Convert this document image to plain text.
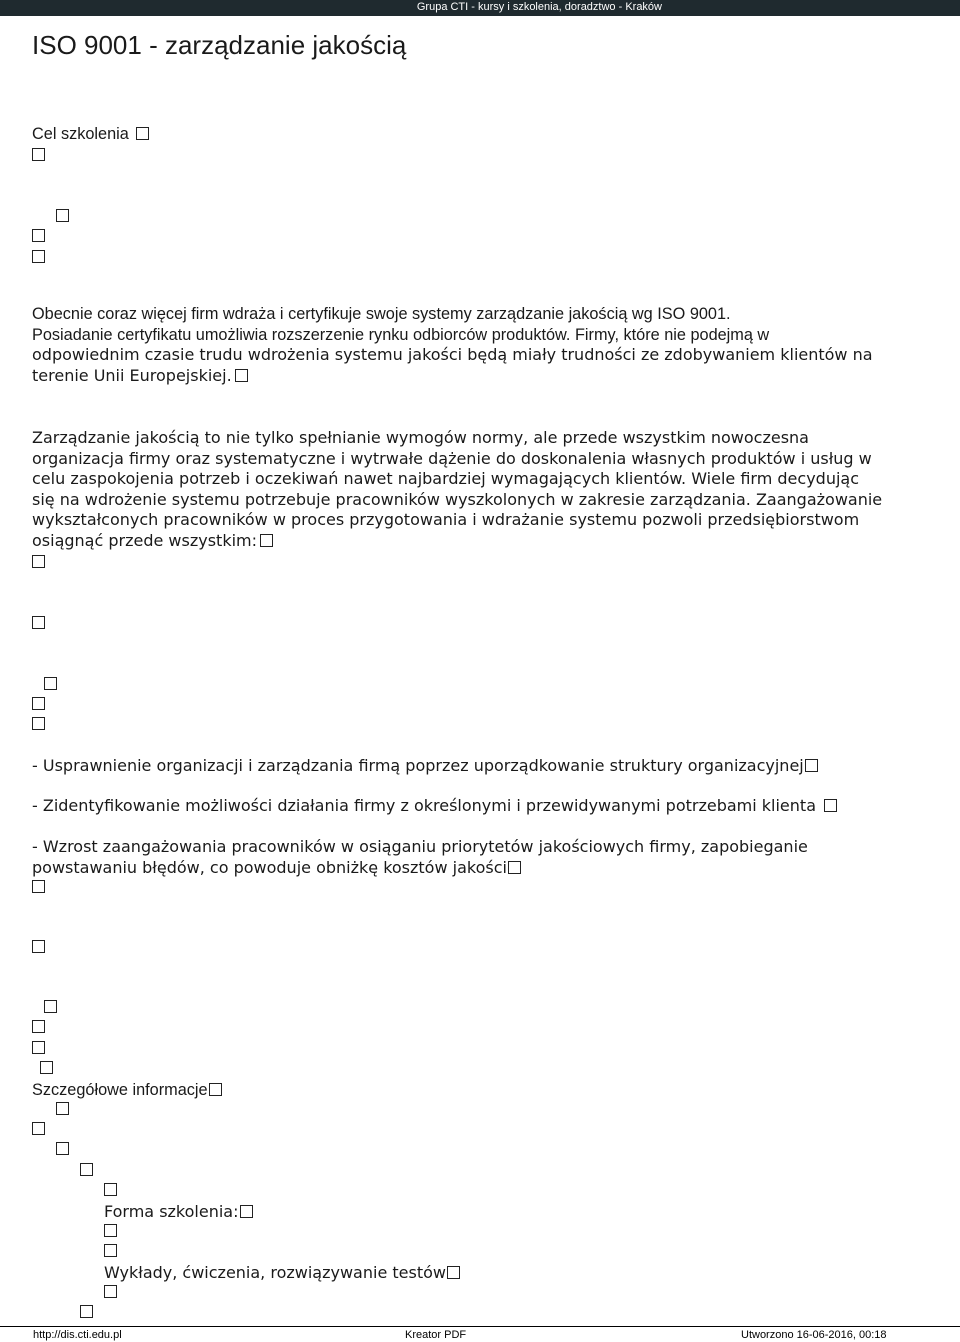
Grupa CTI - kursy i szkolenia, doradztwo - Kraków
ISO 9001 - zarządzanie jakością
Cel szkolenia
Obecnie coraz więcej firm wdraża i certyfikuje swoje systemy zarządzanie jakością wg ISO 9001.
Posiadanie certyfikatu umożliwia rozszerzenie rynku odbiorców produktów. Firmy, które nie podejmą w
odpowiednim czasie trudu wdrożenia systemu jakości będą miały trudności ze zdobywaniem klientów na
terenie Unii Europejskiej.
Zarządzanie jakością to nie tylko spełnianie wymogów normy, ale przede wszystkim nowoczesna
organizacja firmy oraz systematyczne i wytrwałe dążenie do doskonalenia własnych produktów i usług w
celu zaspokojenia potrzeb i oczekiwań nawet najbardziej wymagających klientów. Wiele firm decydując
się na wdrożenie systemu potrzebuje pracowników wyszkolonych w zakresie zarządzania. Zaangażowanie
wykształconych pracowników w proces przygotowania i wdrażanie systemu pozwoli przedsiębiorstwom
osiągnąć przede wszystkim:
- Usprawnienie organizacji i zarządzania firmą poprzez uporządkowanie struktury organizacyjnej
- Zidentyfikowanie możliwości działania firmy z określonymi i przewidywanymi potrzebami klienta
- Wzrost zaangażowania pracowników w osiąganiu priorytetów jakościowych firmy, zapobieganie
powstawaniu błędów, co powoduje obniżkę kosztów jakości
Szczegółowe informacje
Forma szkolenia:
Wykłady, ćwiczenia, rozwiązywanie testów
http://dis.cti.edu.pl	Kreator PDF	Utworzono 16-06-2016, 00:18
